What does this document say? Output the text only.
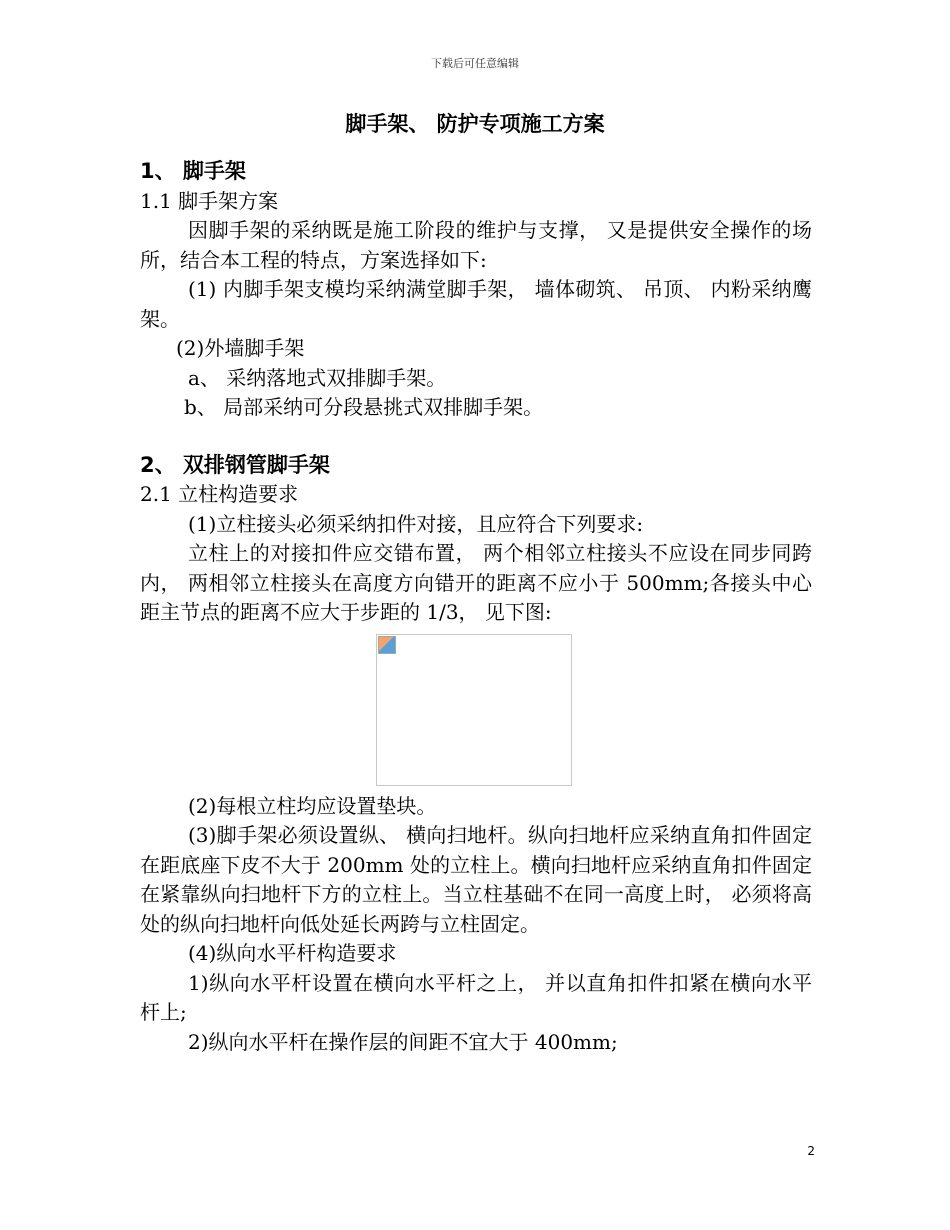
下载后可任意编辑
脚手架、 防护专项施工方案

1、 脚手架

1.1 脚手架方案

因脚手架的采纳既是施工阶段的维护与支撑， 又是提供安全操作的场所，结合本工程的特点，方案选择如下:

(1) 内脚手架支模均采纳满堂脚手架， 墙体砌筑、 吊顶、 内粉采纳鹰架。

(2)外墙脚手架

a、 采纳落地式双排脚手架。

b、 局部采纳可分段悬挑式双排脚手架。

2、 双排钢管脚手架

2.1 立柱构造要求

(1)立柱接头必须采纳扣件对接，且应符合下列要求:

立柱上的对接扣件应交错布置， 两个相邻立柱接头不应设在同步同跨内， 两相邻立柱接头在高度方向错开的距离不应小于 500mm;各接头中心距主节点的距离不应大于步距的 1/3， 见下图:

(2)每根立柱均应设置垫块。

(3)脚手架必须设置纵、 横向扫地杆。纵向扫地杆应采纳直角扣件固定在距底座下皮不大于 200mm 处的立柱上。横向扫地杆应采纳直角扣件固定在紧靠纵向扫地杆下方的立柱上。当立柱基础不在同一高度上时， 必须将高处的纵向扫地杆向低处延长两跨与立柱固定。

(4)纵向水平杆构造要求

1)纵向水平杆设置在横向水平杆之上， 并以直角扣件扣紧在横向水平杆上;

2)纵向水平杆在操作层的间距不宜大于 400mm;

2
